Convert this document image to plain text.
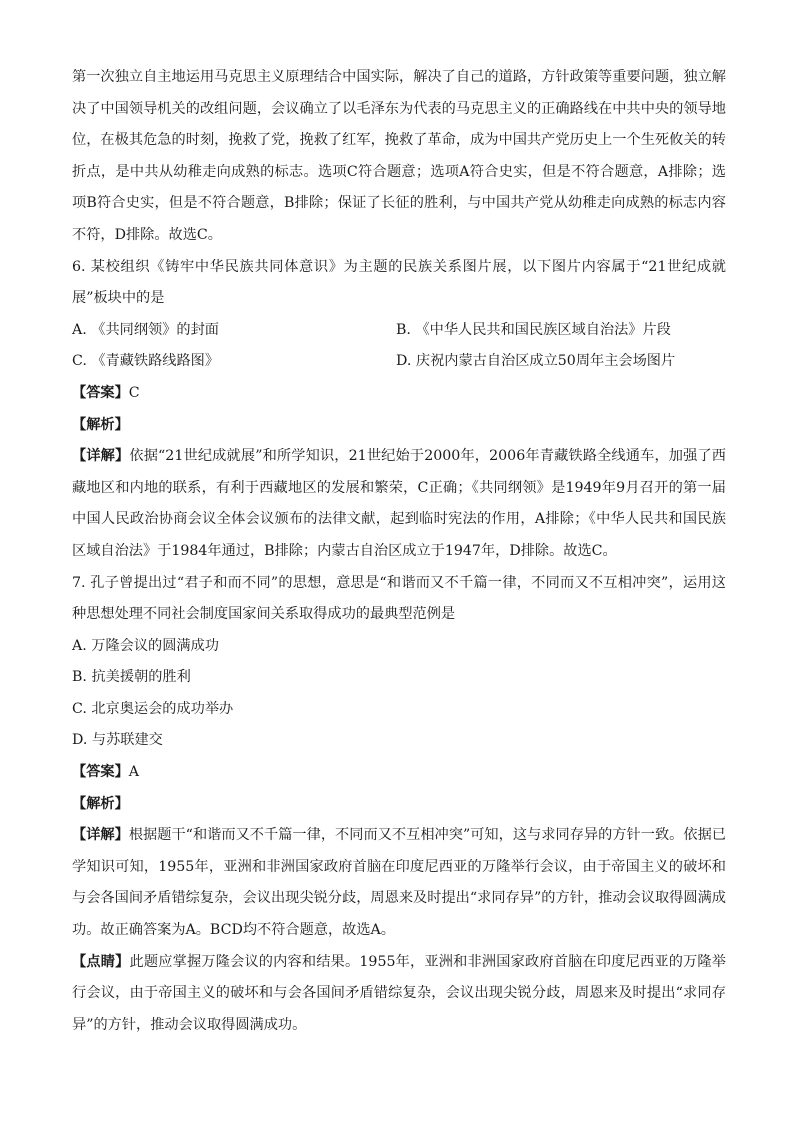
第一次独立自主地运用马克思主义原理结合中国实际，解决了自己的道路，方针政策等重要问题，独立解决了中国领导机关的改组问题，会议确立了以毛泽东为代表的马克思主义的正确路线在中共中央的领导地位，在极其危急的时刻，挽救了党，挽救了红军，挽救了革命，成为中国共产党历史上一个生死攸关的转折点，是中共从幼稚走向成熟的标志。选项C符合题意；选项A符合史实，但是不符合题意，A排除；选项B符合史实，但是不符合题意，B排除；保证了长征的胜利，与中国共产党从幼稚走向成熟的标志内容不符，D排除。故选C。

6. 某校组织《铸牢中华民族共同体意识》为主题的民族关系图片展，以下图片内容属于“21世纪成就展”板块中的是

A. 《共同纲领》的封面	B. 《中华人民共和国民族区域自治法》片段

C. 《青藏铁路线路图》	D. 庆祝内蒙古自治区成立50周年主会场图片

【答案】C

【解析】

【详解】依据“21世纪成就展”和所学知识，21世纪始于2000年，2006年青藏铁路全线通车，加强了西藏地区和内地的联系，有利于西藏地区的发展和繁荣，C正确；《共同纲领》是1949年9月召开的第一届中国人民政治协商会议全体会议颁布的法律文献，起到临时宪法的作用，A排除；《中华人民共和国民族区域自治法》于1984年通过，B排除；内蒙古自治区成立于1947年，D排除。故选C。

7. 孔子曾提出过“君子和而不同”的思想，意思是“和谐而又不千篇一律，不同而又不互相冲突”，运用这种思想处理不同社会制度国家间关系取得成功的最典型范例是

A. 万隆会议的圆满成功

B. 抗美援朝的胜利

C. 北京奥运会的成功举办

D. 与苏联建交

【答案】A

【解析】

【详解】根据题干“和谐而又不千篇一律，不同而又不互相冲突”可知，这与求同存异的方针一致。依据已学知识可知，1955年，亚洲和非洲国家政府首脑在印度尼西亚的万隆举行会议，由于帝国主义的破坏和与会各国间矛盾错综复杂，会议出现尖锐分歧，周恩来及时提出“求同存异”的方针，推动会议取得圆满成功。故正确答案为A。BCD均不符合题意，故选A。

【点睛】此题应掌握万隆会议的内容和结果。1955年，亚洲和非洲国家政府首脑在印度尼西亚的万隆举行会议，由于帝国主义的破坏和与会各国间矛盾错综复杂，会议出现尖锐分歧，周恩来及时提出“求同存异”的方针，推动会议取得圆满成功。
